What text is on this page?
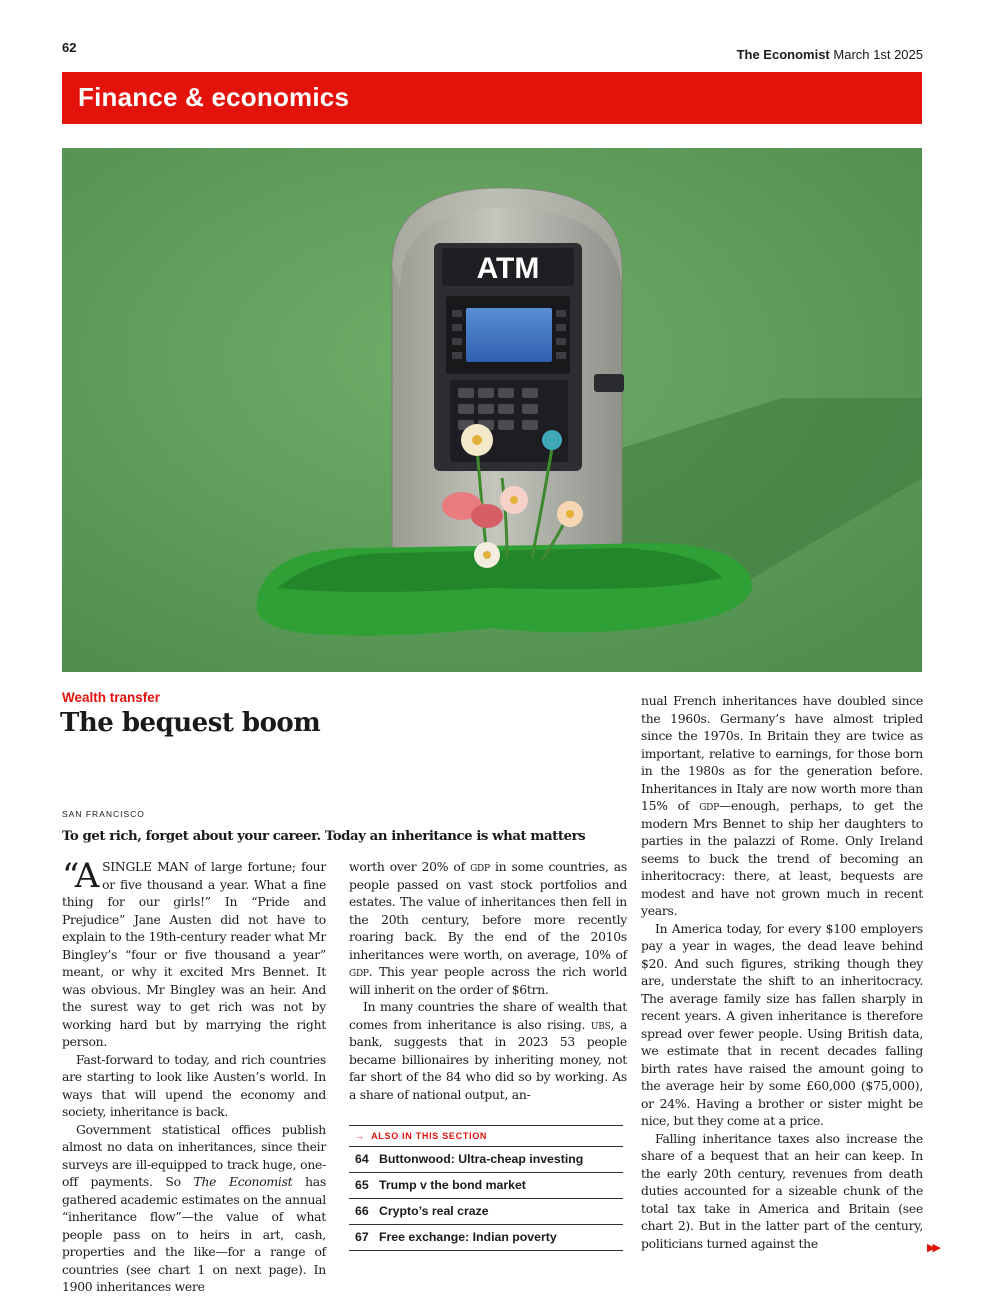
62	The Economist March 1st 2025
Finance & economics
ATM
Wealth transfer
The bequest boom
SAN FRANCISCO
To get rich, forget about your career. Today an inheritance is what matters

“A SINGLE MAN of large fortune; four or five thousand a year. What a fine thing for our girls!” In “Pride and Prejudice” Jane Austen did not have to explain to the 19th-century reader what Mr Bingley’s “four or five thousand a year” meant, or why it excited Mrs Bennet. It was obvious. Mr Bingley was an heir. And the surest way to get rich was not by working hard but by marrying the right person.

Fast-forward to today, and rich countries are starting to look like Austen’s world. In ways that will upend the economy and society, inheritance is back.

Government statistical offices publish almost no data on inheritances, since their surveys are ill-equipped to track huge, one-off payments. So The Economist has gathered academic estimates on the annual “inheritance flow”—the value of what people pass on to heirs in art, cash, properties and the like—for a range of countries (see chart 1 on next page). In 1900 inheritances were

worth over 20% of gdp in some countries, as people passed on vast stock portfolios and estates. The value of inheritances then fell in the 20th century, before more recently roaring back. By the end of the 2010s inheritances were worth, on average, 10% of gdp. This year people across the rich world will inherit on the order of $6trn.

In many countries the share of wealth that comes from inheritance is also rising. ubs, a bank, suggests that in 2023 53 people became billionaires by inheriting money, not far short of the 84 who did so by working. As a share of national output, an-

→ ALSO IN THIS SECTION
64 Buttonwood: Ultra-cheap investing
65 Trump v the bond market
66 Crypto’s real craze
67 Free exchange: Indian poverty

nual French inheritances have doubled since the 1960s. Germany’s have almost tripled since the 1970s. In Britain they are twice as important, relative to earnings, for those born in the 1980s as for the generation before. Inheritances in Italy are now worth more than 15% of gdp—enough, perhaps, to get the modern Mrs Bennet to ship her daughters to parties in the palazzi of Rome. Only Ireland seems to buck the trend of becoming an inheritocracy: there, at least, bequests are modest and have not grown much in recent years.

In America today, for every $100 employers pay a year in wages, the dead leave behind $20. And such figures, striking though they are, understate the shift to an inheritocracy. The average family size has fallen sharply in recent years. A given inheritance is therefore spread over fewer people. Using British data, we estimate that in recent decades falling birth rates have raised the amount going to the average heir by some £60,000 ($75,000), or 24%. Having a brother or sister might be nice, but they come at a price.

Falling inheritance taxes also increase the share of a bequest that an heir can keep. In the early 20th century, revenues from death duties accounted for a sizeable chunk of the total tax take in America and Britain (see chart 2). But in the latter part of the century, politicians turned against the	▶▶
